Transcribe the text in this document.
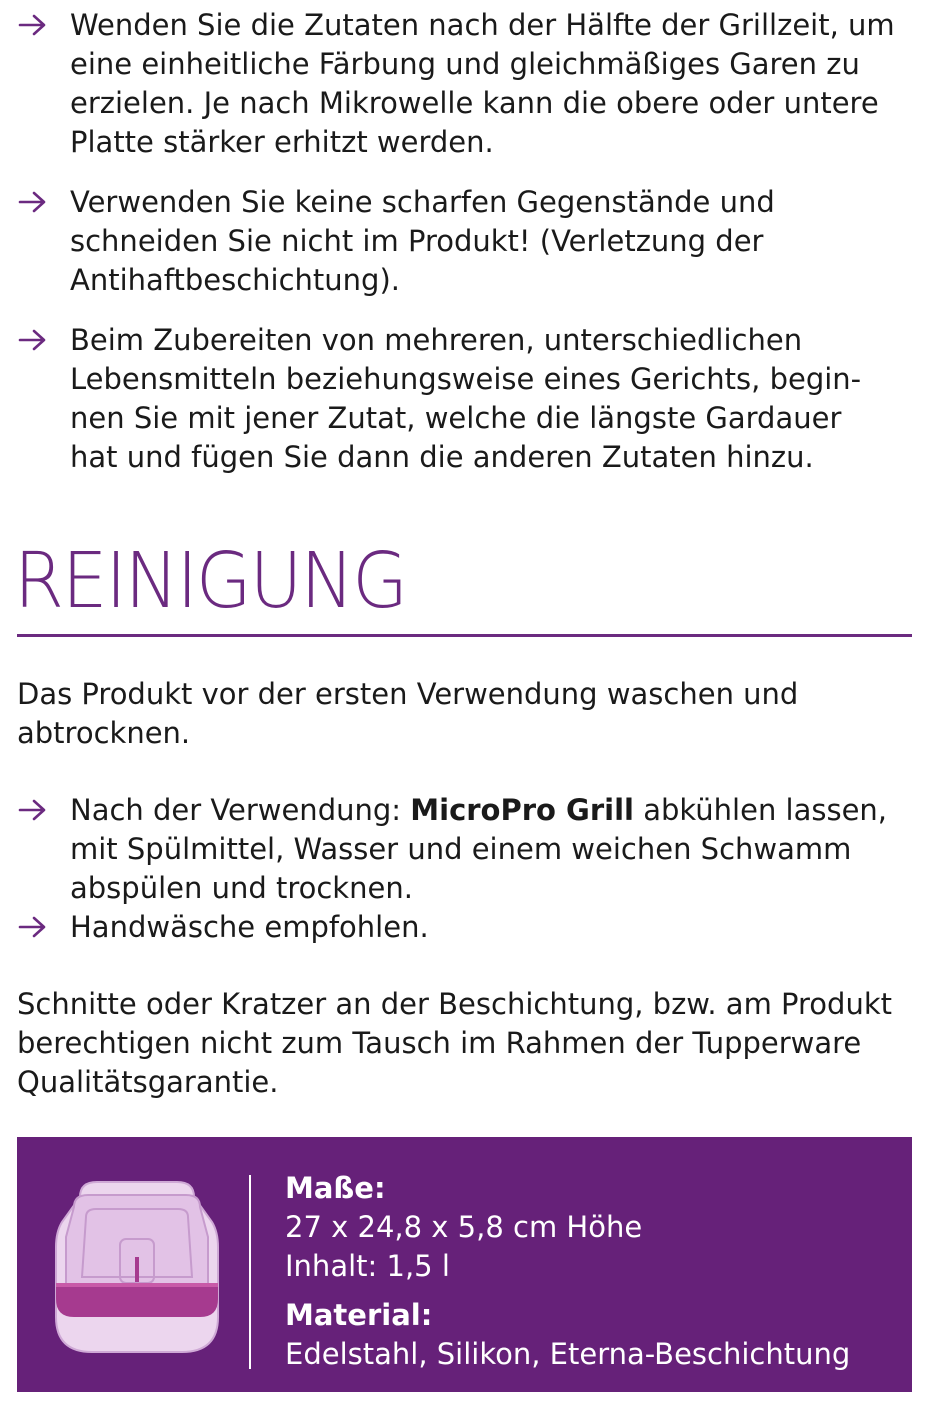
Wenden Sie die Zutaten nach der Hälfte der Grillzeit, um eine einheitliche Färbung und gleichmäßiges Garen zu erzielen. Je nach Mikrowelle kann die obere oder untere Platte stärker erhitzt werden.
Verwenden Sie keine scharfen Gegenstände und schneiden Sie nicht im Produkt! (Verletzung der Antihaftbeschichtung).
Beim Zubereiten von mehreren, unterschiedlichen Lebensmitteln beziehungsweise eines Gerichts, beginnen Sie mit jener Zutat, welche die längste Gardauer hat und fügen Sie dann die anderen Zutaten hinzu.
REINIGUNG
Das Produkt vor der ersten Verwendung waschen und abtrocknen.
Nach der Verwendung: MicroPro Grill abkühlen lassen, mit Spülmittel, Wasser und einem weichen Schwamm abspülen und trocknen.
Handwäsche empfohlen.
Schnitte oder Kratzer an der Beschichtung, bzw. am Produkt berechtigen nicht zum Tausch im Rahmen der Tupperware Qualitätsgarantie.
Maße:
27 x 24,8 x 5,8 cm Höhe
Inhalt: 1,5 l
Material:
Edelstahl, Silikon, Eterna-Beschichtung
